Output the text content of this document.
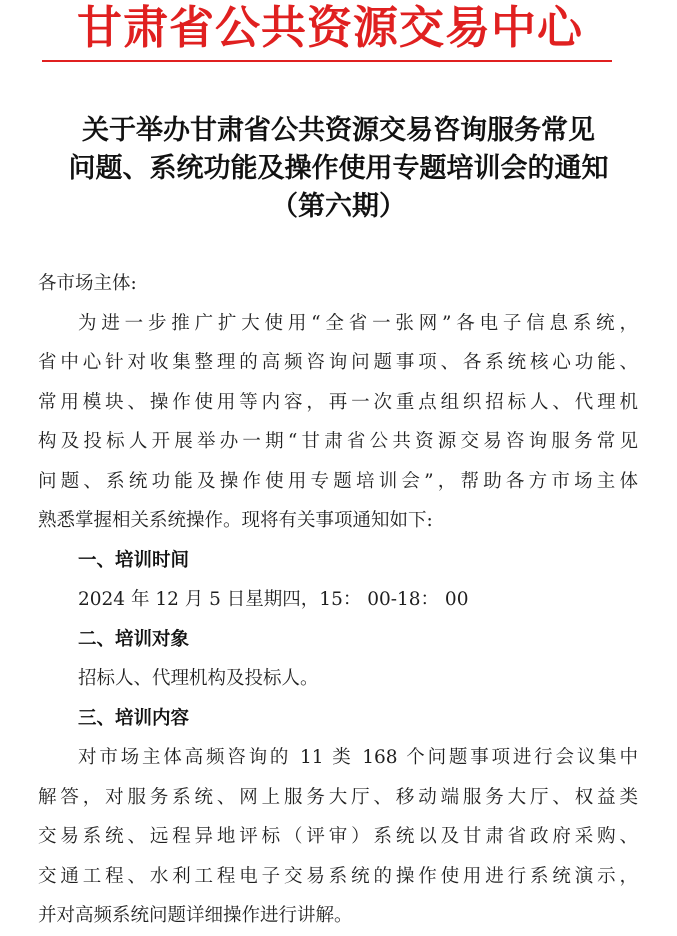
甘肃省公共资源交易中心
关于举办甘肃省公共资源交易咨询服务常见
问题、系统功能及操作使用专题培训会的通知
（第六期）
各市场主体:
为进一步推广扩大使用“全省一张网”各电子信息系统，
省中心针对收集整理的高频咨询问题事项、各系统核心功能、
常用模块、操作使用等内容，再一次重点组织招标人、代理机
构及投标人开展举办一期“甘肃省公共资源交易咨询服务常见
问题、系统功能及操作使用专题培训会”，帮助各方市场主体
熟悉掌握相关系统操作。现将有关事项通知如下:
一、培训时间
2024 年 12 月 5 日星期四，15： 00-18： 00
二、培训对象
招标人、代理机构及投标人。
三、培训内容
对市场主体高频咨询的 11 类 168 个问题事项进行会议集中
解答，对服务系统、网上服务大厅、移动端服务大厅、权益类
交易系统、远程异地评标（评审）系统以及甘肃省政府采购、
交通工程、水利工程电子交易系统的操作使用进行系统演示，
并对高频系统问题详细操作进行讲解。
